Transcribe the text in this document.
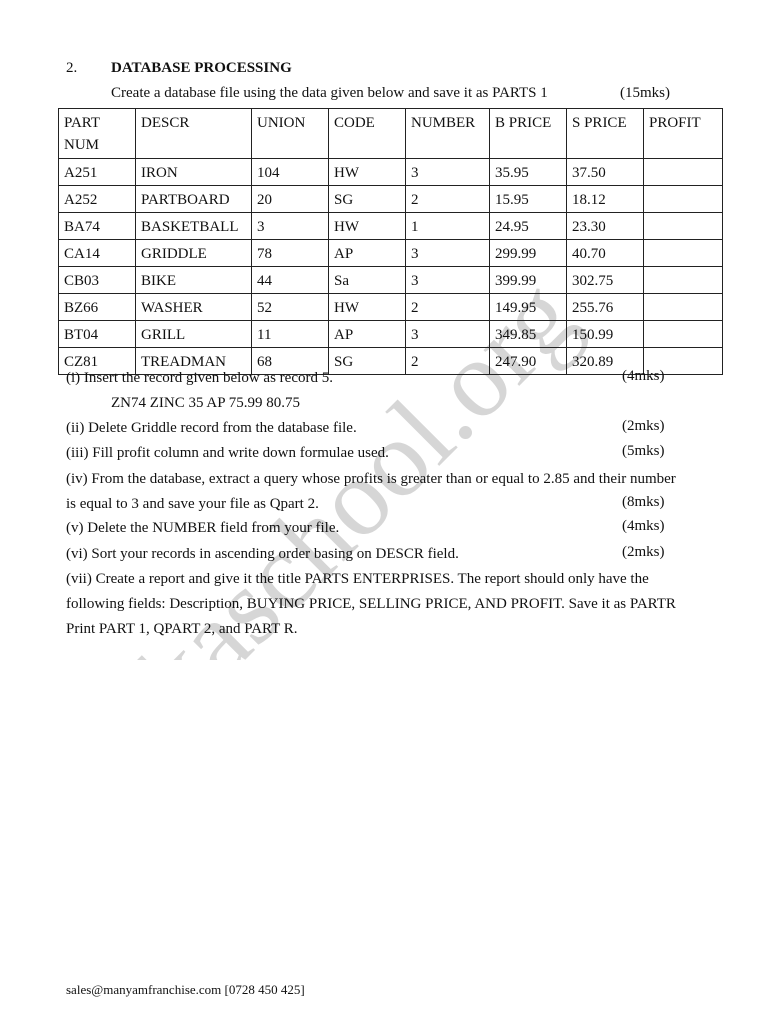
atikaschool.org
2. DATABASE PROCESSING
Create a database file using the data given below and save it as PARTS 1	(15mks)
PART NUM	DESCR	UNION	CODE	NUMBER	B PRICE	S PRICE	PROFIT
A251	IRON	104	HW	3	35.95	37.50	
A252	PARTBOARD	20	SG	2	15.95	18.12	
BA74	BASKETBALL	3	HW	1	24.95	23.30	
CA14	GRIDDLE	78	AP	3	299.99	40.70	
CB03	BIKE	44	Sa	3	399.99	302.75	
BZ66	WASHER	52	HW	2	149.95	255.76	
BT04	GRILL	11	AP	3	349.85	150.99	
CZ81	TREADMAN	68	SG	2	247.90	320.89	
(i) Insert the record given below as record 5.	(4mks)
ZN74 ZINC 35 AP 75.99 80.75
(ii) Delete Griddle record from the database file.	(2mks)
(iii) Fill profit column and write down formulae used.	(5mks)
(iv) From the database, extract a query whose profits is greater than or equal to 2.85 and their number
is equal to 3 and save your file as Qpart 2.	(8mks)
(v) Delete the NUMBER field from your file.	(4mks)
(vi) Sort your records in ascending order basing on DESCR field.	(2mks)
(vii) Create a report and give it the title PARTS ENTERPRISES. The report should only have the
following fields: Description, BUYING PRICE, SELLING PRICE, AND PROFIT. Save it as PARTR
Print PART 1, QPART 2, and PART R.
sales@manyamfranchise.com [0728 450 425]
